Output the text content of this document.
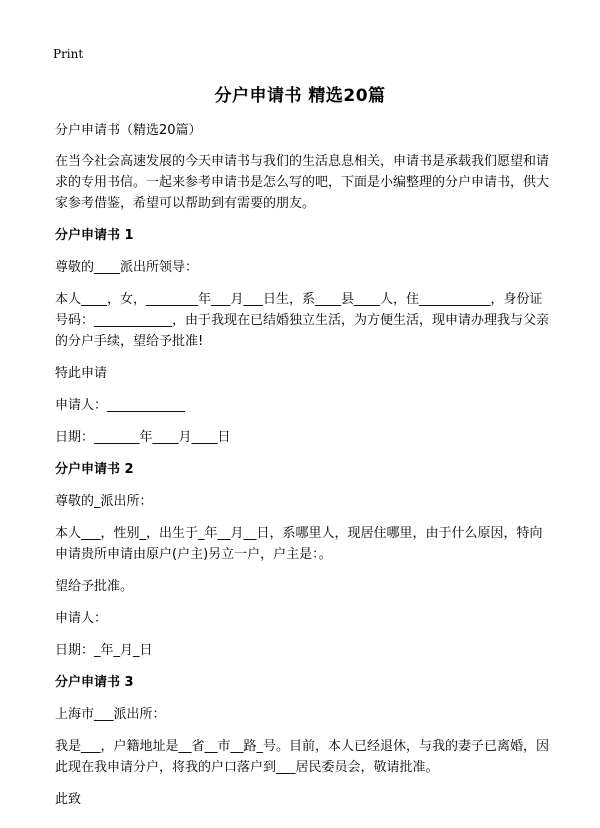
Print
分户申请书 精选20篇

分户申请书（精选20篇）

在当今社会高速发展的今天申请书与我们的生活息息相关，申请书是承载我们愿望和请求的专用书信。一起来参考申请书是怎么写的吧，下面是小编整理的分户申请书，供大家参考借鉴，希望可以帮助到有需要的朋友。

分户申请书 1

尊敬的____派出所领导：

本人____，女，________年___月___日生，系____县____人，住___________，身份证号码：____________，由于我现在已结婚独立生活，为方便生活，现申请办理我与父亲的分户手续，望给予批准!

特此申请

申请人：____________

日期：_______年____月____日

分户申请书 2

尊敬的_派出所：

本人___，性别_，出生于_年__月__日，系哪里人，现居住哪里，由于什么原因，特向申请贵所申请由原户(户主)另立一户，户主是：。

望给予批准。

申请人：

日期：_年_月_日

分户申请书 3

上海市___派出所：

我是___，户籍地址是__省__市__路_号。目前，本人已经退休，与我的妻子已离婚，因此现在我申请分户，将我的户口落户到___居民委员会，敬请批准。

此致
